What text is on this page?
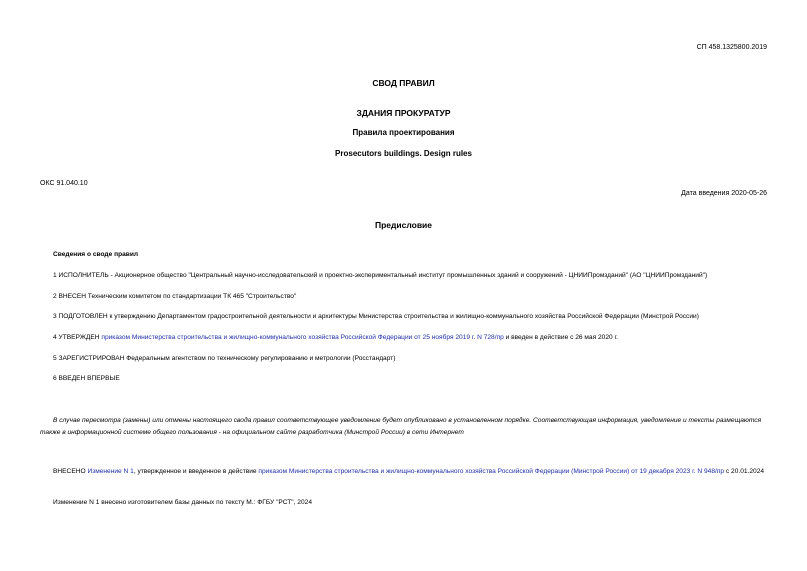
СП 458.1325800.2019
СВОД ПРАВИЛ
ЗДАНИЯ ПРОКУРАТУР
Правила проектирования
Prosecutors buildings. Design rules
ОКС 91.040.10
Дата введения 2020-05-26
Предисловие
Сведения о своде правил
1 ИСПОЛНИТЕЛЬ - Акционерное общество "Центральный научно-исследовательский и проектно-экспериментальный институт промышленных зданий и сооружений - ЦНИИПромзданий" (АО "ЦНИИПромзданий")
2 ВНЕСЕН Техническим комитетом по стандартизации ТК 465 "Строительство"
3 ПОДГОТОВЛЕН к утверждению Департаментом градостроительной деятельности и архитектуры Министерства строительства и жилищно-коммунального хозяйства Российской Федерации (Минстрой России)
4 УТВЕРЖДЕН приказом Министерства строительства и жилищно-коммунального хозяйства Российской Федерации от 25 ноября 2019 г. N 728/пр и введен в действие с 26 мая 2020 г.
5 ЗАРЕГИСТРИРОВАН Федеральным агентством по техническому регулированию и метрологии (Росстандарт)
6 ВВЕДЕН ВПЕРВЫЕ
В случае пересмотра (замены) или отмены настоящего свода правил соответствующее уведомление будет опубликовано в установленном порядке. Соответствующая информация, уведомление и тексты размещаются также в информационной системе общего пользования - на официальном сайте разработчика (Минстрой России) в сети Интернет
ВНЕСЕНО Изменение N 1, утвержденное и введенное в действие приказом Министерства строительства и жилищно-коммунального хозяйства Российской Федерации (Минстрой России) от 19 декабря 2023 г. N 948/пр с 20.01.2024
Изменение N 1 внесено изготовителем базы данных по тексту М.: ФГБУ "РСТ", 2024
